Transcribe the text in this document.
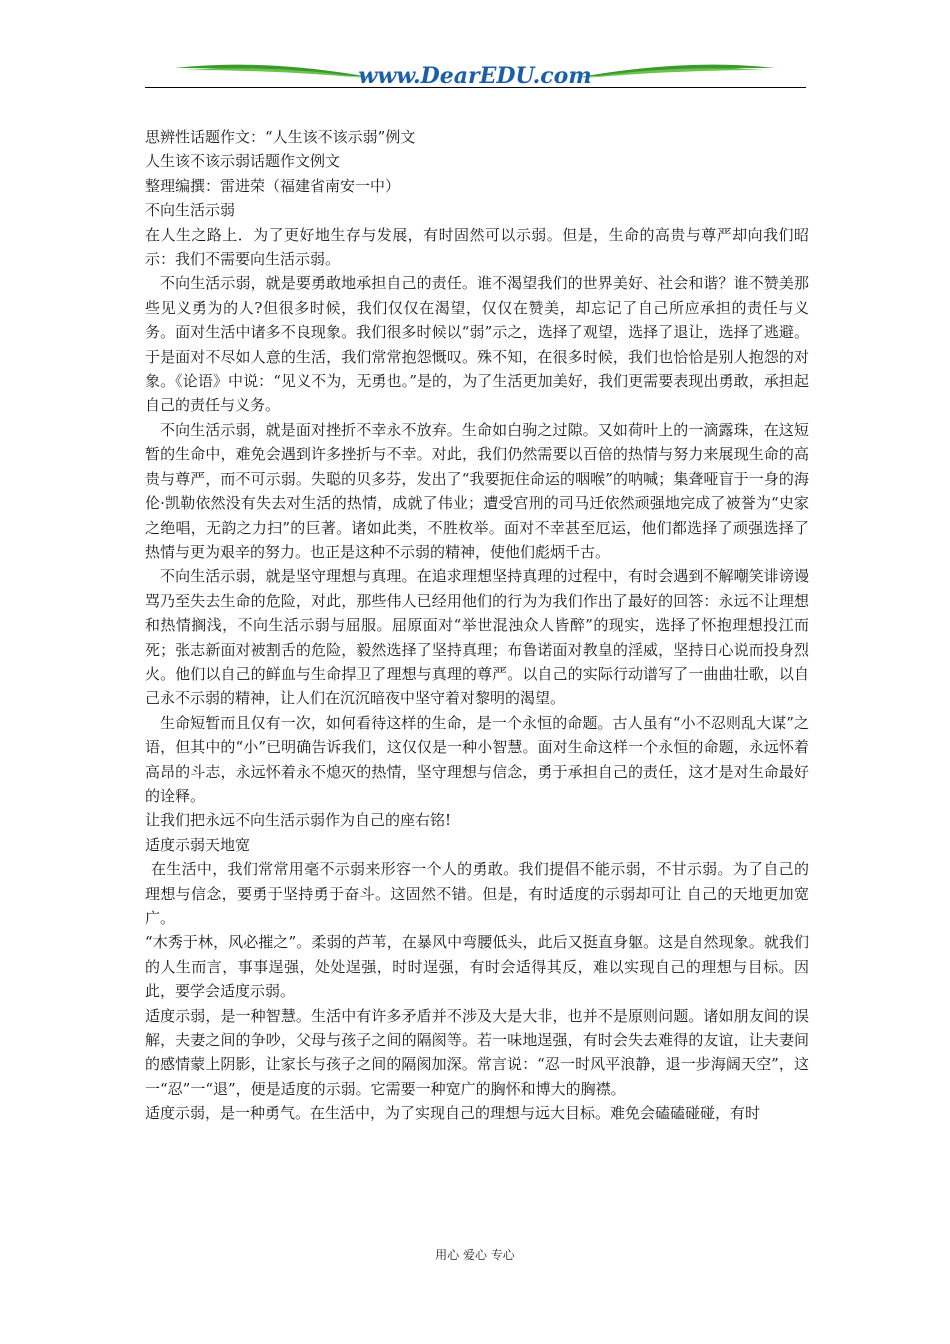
www.DearEDU.com

思辨性话题作文：“人生该不该示弱”例文

人生该不该示弱话题作文例文

整理编撰：雷进荣（福建省南安一中）

不向生活示弱

在人生之路上．为了更好地生存与发展，有时固然可以示弱。但是，生命的高贵与尊严却向我们昭示：我们不需要向生活示弱。

不向生活示弱，就是要勇敢地承担自己的责任。谁不渴望我们的世界美好、社会和谐？谁不赞美那些见义勇为的人?但很多时候，我们仅仅在渴望，仅仅在赞美，却忘记了自己所应承担的责任与义务。面对生活中诸多不良现象。我们很多时候以“弱”示之，选择了观望，选择了退让，选择了逃避。于是面对不尽如人意的生活，我们常常抱怨慨叹。殊不知，在很多时候，我们也恰恰是别人抱怨的对象。《论语》中说：“见义不为，无勇也。”是的，为了生活更加美好，我们更需要表现出勇敢，承担起自己的责任与义务。

不向生活示弱，就是面对挫折不幸永不放弃。生命如白驹之过隙。又如荷叶上的一滴露珠，在这短暂的生命中，难免会遇到许多挫折与不幸。对此，我们仍然需要以百倍的热情与努力来展现生命的高贵与尊严，而不可示弱。失聪的贝多芬，发出了“我要扼住命运的咽喉”的呐喊；集聋哑盲于一身的海伦·凯勒依然没有失去对生活的热情，成就了伟业；遭受宫刑的司马迁依然顽强地完成了被誉为“史家之绝唱，无韵之力扫”的巨著。诸如此类，不胜枚举。面对不幸甚至厄运，他们都选择了顽强选择了热情与更为艰辛的努力。也正是这种不示弱的精神，使他们彪炳千古。

不向生活示弱，就是坚守理想与真理。在追求理想坚持真理的过程中，有时会遇到不解嘲笑诽谤谩骂乃至失去生命的危险，对此，那些伟人已经用他们的行为为我们作出了最好的回答：永远不让理想和热情搁浅，不向生活示弱与屈服。屈原面对“举世混浊众人皆醉”的现实，选择了怀抱理想投江而死；张志新面对被割舌的危险，毅然选择了坚持真理；布鲁诺面对教皇的淫威，坚持日心说而投身烈火。他们以自己的鲜血与生命捍卫了理想与真理的尊严。以自己的实际行动谱写了一曲曲壮歌，以自己永不示弱的精神，让人们在沉沉暗夜中坚守着对黎明的渴望。

生命短暂而且仅有一次，如何看待这样的生命，是一个永恒的命题。古人虽有“小不忍则乱大谋”之语，但其中的“小”已明确告诉我们，这仅仅是一种小智慧。面对生命这样一个永恒的命题，永远怀着高昂的斗志，永远怀着永不熄灭的热情，坚守理想与信念，勇于承担自己的责任，这才是对生命最好的诠释。

让我们把永远不向生活示弱作为自己的座右铭!

适度示弱天地宽

在生活中，我们常常用毫不示弱来形容一个人的勇敢。我们提倡不能示弱，不甘示弱。为了自己的理想与信念，要勇于坚持勇于奋斗。这固然不错。但是，有时适度的示弱却可让 自己的天地更加宽广。

“木秀于林，风必摧之”。柔弱的芦苇，在暴风中弯腰低头，此后又挺直身躯。这是自然现象。就我们的人生而言，事事逞强，处处逞强，时时逞强，有时会适得其反，难以实现自己的理想与目标。因此，要学会适度示弱。

适度示弱，是一种智慧。生活中有许多矛盾并不涉及大是大非，也并不是原则问题。诸如朋友间的误解，夫妻之间的争吵，父母与孩子之间的隔阂等。若一味地逞强，有时会失去难得的友谊，让夫妻间的感情蒙上阴影，让家长与孩子之间的隔阂加深。常言说：“忍一时风平浪静，退一步海阔天空”，这一“忍”一“退”，便是适度的示弱。它需要一种宽广的胸怀和博大的胸襟。

适度示弱，是一种勇气。在生活中，为了实现自己的理想与远大目标。难免会磕磕碰碰，有时

用心 爱心 专心
